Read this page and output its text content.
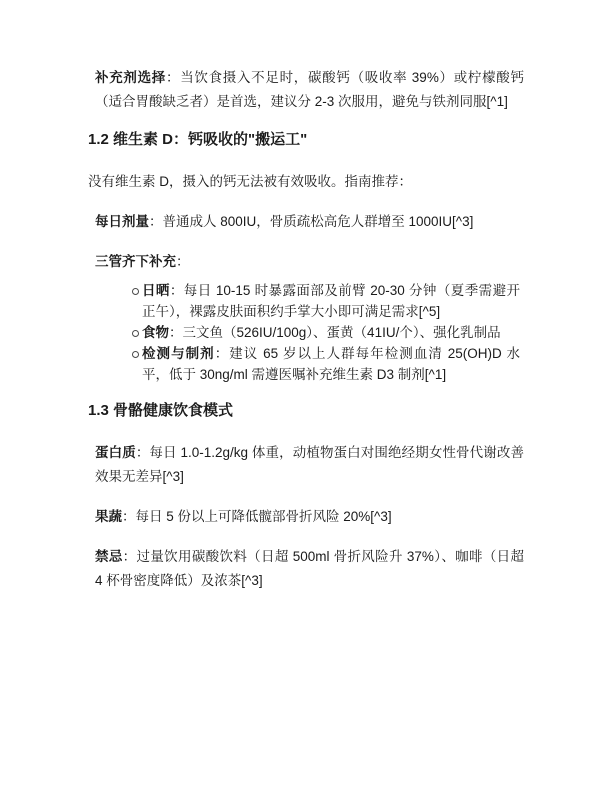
补充剂选择：当饮食摄入不足时，碳酸钙（吸收率 39%）或柠檬酸钙（适合胃酸缺乏者）是首选，建议分 2-3 次服用，避免与铁剂同服[^1]

1.2 维生素 D：钙吸收的"搬运工"

没有维生素 D，摄入的钙无法被有效吸收。指南推荐：

每日剂量：普通成人 800IU，骨质疏松高危人群增至 1000IU[^3]

三管齐下补充：

日晒：每日 10-15 时暴露面部及前臂 20-30 分钟（夏季需避开正午），裸露皮肤面积约手掌大小即可满足需求[^5]
食物：三文鱼（526IU/100g）、蛋黄（41IU/个）、强化乳制品
检测与制剂：建议 65 岁以上人群每年检测血清 25(OH)D 水平，低于 30ng/ml 需遵医嘱补充维生素 D3 制剂[^1]
1.3 骨骼健康饮食模式

蛋白质：每日 1.0-1.2g/kg 体重，动植物蛋白对围绝经期女性骨代谢改善效果无差异[^3]

果蔬：每日 5 份以上可降低髋部骨折风险 20%[^3]

禁忌：过量饮用碳酸饮料（日超 500ml 骨折风险升 37%）、咖啡（日超 4 杯骨密度降低）及浓茶[^3]
